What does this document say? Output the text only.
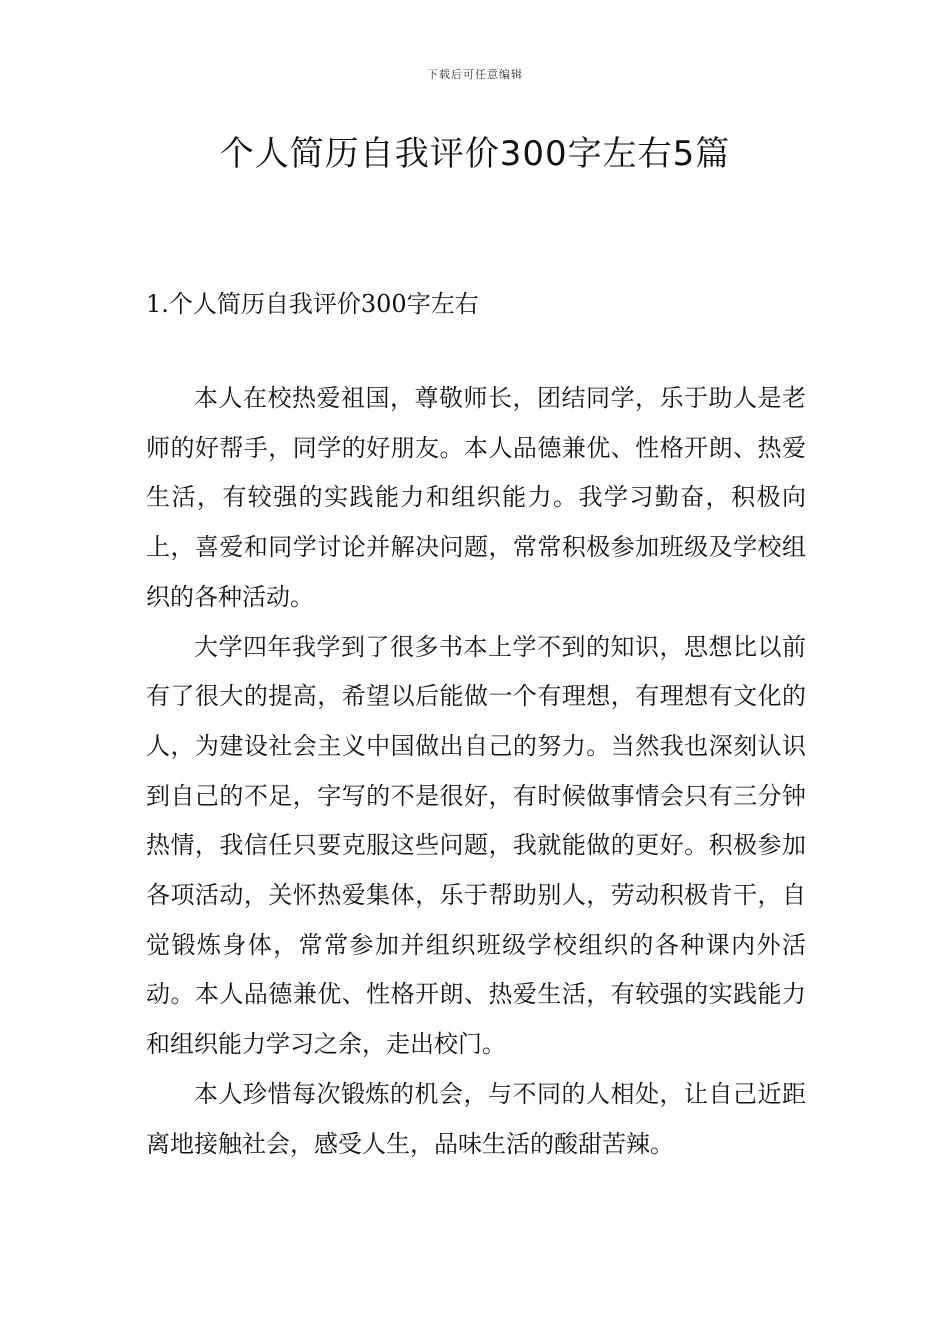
下载后可任意编辑
个人简历自我评价300字左右5篇
1.个人简历自我评价300字左右

本人在校热爱祖国，尊敬师长，团结同学，乐于助人是老师的好帮手，同学的好朋友。本人品德兼优、性格开朗、热爱生活，有较强的实践能力和组织能力。我学习勤奋，积极向上，喜爱和同学讨论并解决问题，常常积极参加班级及学校组织的各种活动。

大学四年我学到了很多书本上学不到的知识，思想比以前有了很大的提高，希望以后能做一个有理想，有理想有文化的人，为建设社会主义中国做出自己的努力。当然我也深刻认识到自己的不足，字写的不是很好，有时候做事情会只有三分钟热情，我信任只要克服这些问题，我就能做的更好。积极参加各项活动，关怀热爱集体，乐于帮助别人，劳动积极肯干，自觉锻炼身体，常常参加并组织班级学校组织的各种课内外活动。本人品德兼优、性格开朗、热爱生活，有较强的实践能力和组织能力学习之余，走出校门。

本人珍惜每次锻炼的机会，与不同的人相处，让自己近距离地接触社会，感受人生，品味生活的酸甜苦辣。
